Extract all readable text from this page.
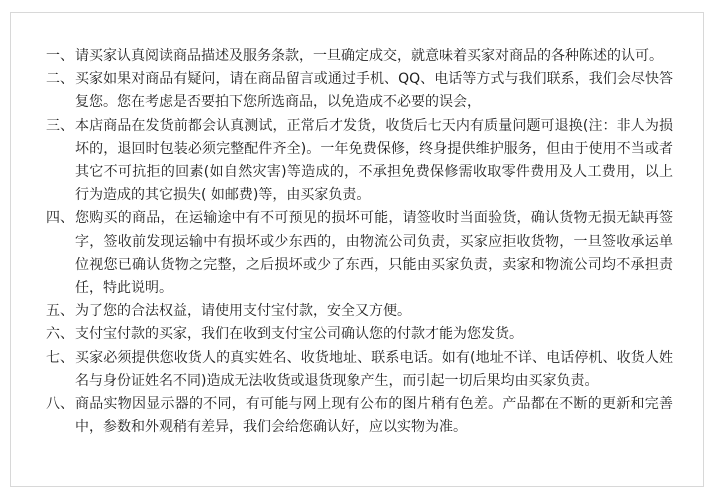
一、 请买家认真阅读商品描述及服务条款，一旦确定成交，就意味着买家对商品的各种陈述的认可。
二、 买家如果对商品有疑问，请在商品留言或通过手机、QQ、电话等方式与我们联系，我们会尽快答复您。您在考虑是否要拍下您所选商品，以免造成不必要的误会，
三、 本店商品在发货前都会认真测试，正常后才发货，收货后七天内有质量问题可退换(注：非人为损坏的，退回时包装必须完整配件齐全)。一年免费保修，终身提供维护服务，但由于使用不当或者其它不可抗拒的回素(如自然灾害)等造成的，不承担免费保修需收取零件费用及人工费用，以上行为造成的其它损失( 如邮费)等，由买家负责。
四、 您购买的商品，在运输途中有不可预见的损坏可能，请签收时当面验货，确认货物无损无缺再签字，签收前发现运输中有损坏或少东西的，由物流公司负责，买家应拒收货物，一旦签收承运单位视您已确认货物之完整，之后损坏或少了东西，只能由买家负责，卖家和物流公司均不承担责任，特此说明。
五、 为了您的合法权益，请使用支付宝付款，安全又方便。
六、 支付宝付款的买家，我们在收到支付宝公司确认您的付款才能为您发货。
七、 买家必须提供您收货人的真实姓名、收货地址、联系电话。如有(地址不详、电话停机、收货人姓名与身份证姓名不同)造成无法收货或退货现象产生，而引起一切后果均由买家负责。
八、 商品实物因显示器的不同，有可能与网上现有公布的图片稍有色差。产品都在不断的更新和完善中，参数和外观稍有差异，我们会给您确认好，应以实物为准。
